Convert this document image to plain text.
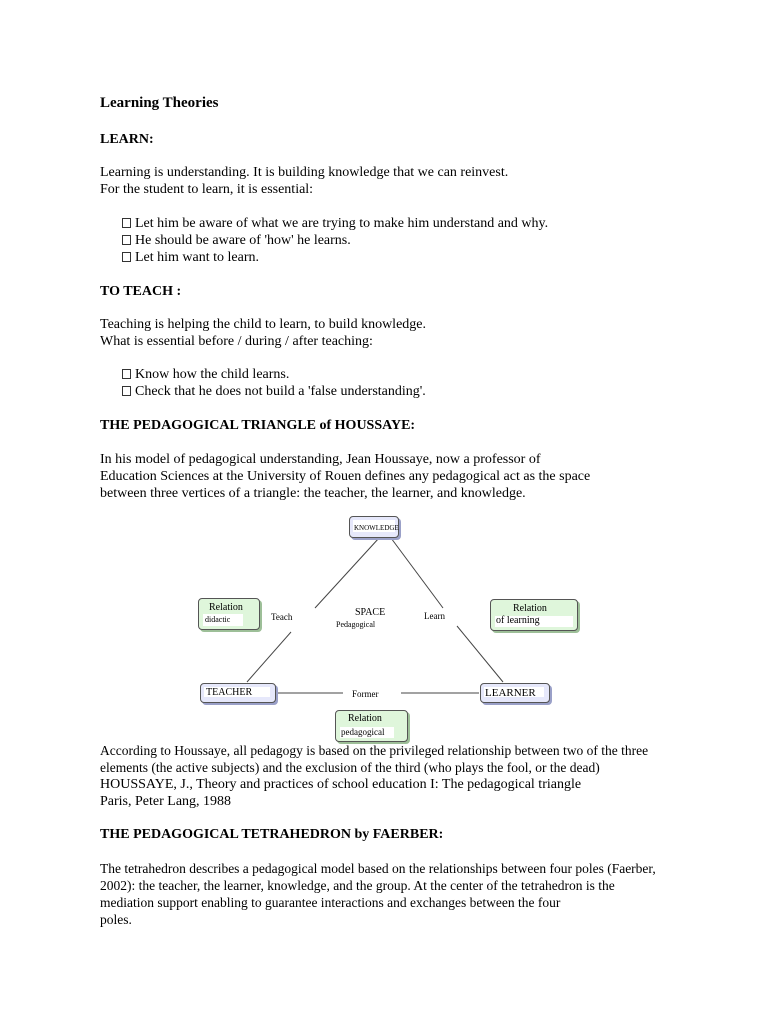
Learning Theories
LEARN:
Learning is understanding. It is building knowledge that we can reinvest.
For the student to learn, it is essential:
Let him be aware of what we are trying to make him understand and why.
He should be aware of 'how' he learns.
Let him want to learn.
TO TEACH :
Teaching is helping the child to learn, to build knowledge.
What is essential before / during / after teaching:
Know how the child learns.
Check that he does not build a 'false understanding'.
THE PEDAGOGICAL TRIANGLE of HOUSSAYE:
In his model of pedagogical understanding, Jean Houssaye, now a professor of
Education Sciences at the University of Rouen defines any pedagogical act as the space
between three vertices of a triangle: the teacher, the learner, and knowledge.
KNOWLEDGE
Relation
didactic
Relation
of learning
Teach	Learn
SPACE
Pedagogical
TEACHER	Former	LEARNER
Relation
pedagogical
According to Houssaye, all pedagogy is based on the privileged relationship between two of the three
elements (the active subjects) and the exclusion of the third (who plays the fool, or the dead)
HOUSSAYE, J., Theory and practices of school education I: The pedagogical triangle
Paris, Peter Lang, 1988
THE PEDAGOGICAL TETRAHEDRON by FAERBER:
The tetrahedron describes a pedagogical model based on the relationships between four poles (Faerber,
2002): the teacher, the learner, knowledge, and the group. At the center of the tetrahedron is the
mediation support enabling to guarantee interactions and exchanges between the four
poles.
